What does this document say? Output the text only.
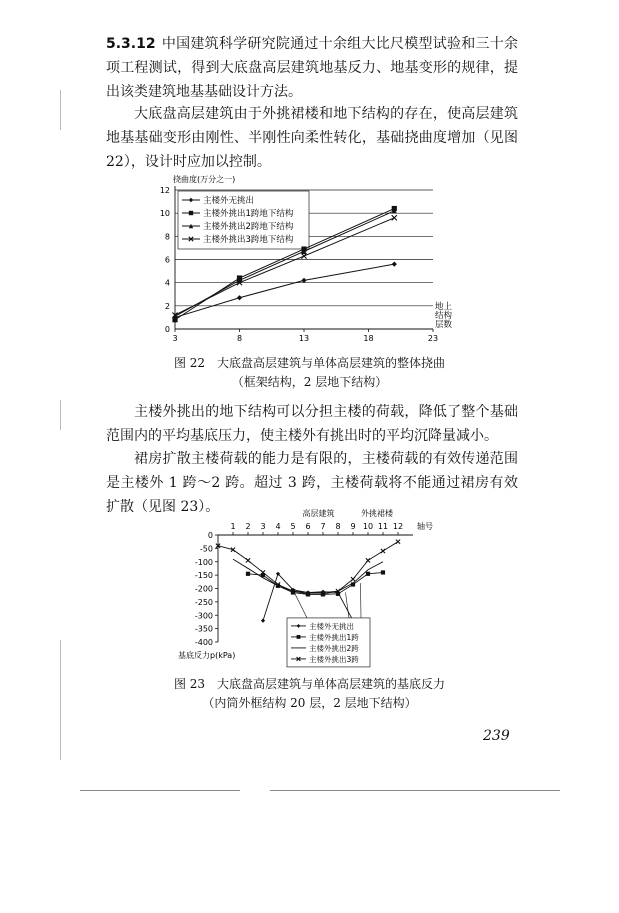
5.3.12 中国建筑科学研究院通过十余组大比尺模型试验和三十余项工程测试，得到大底盘高层建筑地基反力、地基变形的规律，提出该类建筑地基基础设计方法。

大底盘高层建筑由于外挑裙楼和地下结构的存在，使高层建筑地基基础变形由刚性、半刚性向柔性转化，基础挠曲度增加（见图 22），设计时应加以控制。

挠曲度(万分之一)
0
2
4
6
8
10
12
3	8	13	18	23
地上
结构
层数
主楼外无挑出
主楼外挑出1跨地下结构
主楼外挑出2跨地下结构
主楼外挑出3跨地下结构

图 22　大底盘高层建筑与单体高层建筑的整体挠曲

（框架结构，2 层地下结构）

主楼外挑出的地下结构可以分担主楼的荷载，降低了整个基础范围内的平均基底压力，使主楼外有挑出时的平均沉降量减小。

裙房扩散主楼荷载的能力是有限的，主楼荷载的有效传递范围是主楼外 1 跨～2 跨。超过 3 跨，主楼荷载将不能通过裙房有效扩散（见图 23）。	高层建筑	外挑裙楼
1 2 3 4 5 6 7 8 9 10 11 12 轴号
0
-50
-100
-150
-200
-250
-300
-350
-400
基底反力p(kPa)
主楼外无挑出
主楼外挑出1跨
主楼外挑出2跨
主楼外挑出3跨

图 23　大底盘高层建筑与单体高层建筑的基底反力

（内筒外框结构 20 层，2 层地下结构）

239
